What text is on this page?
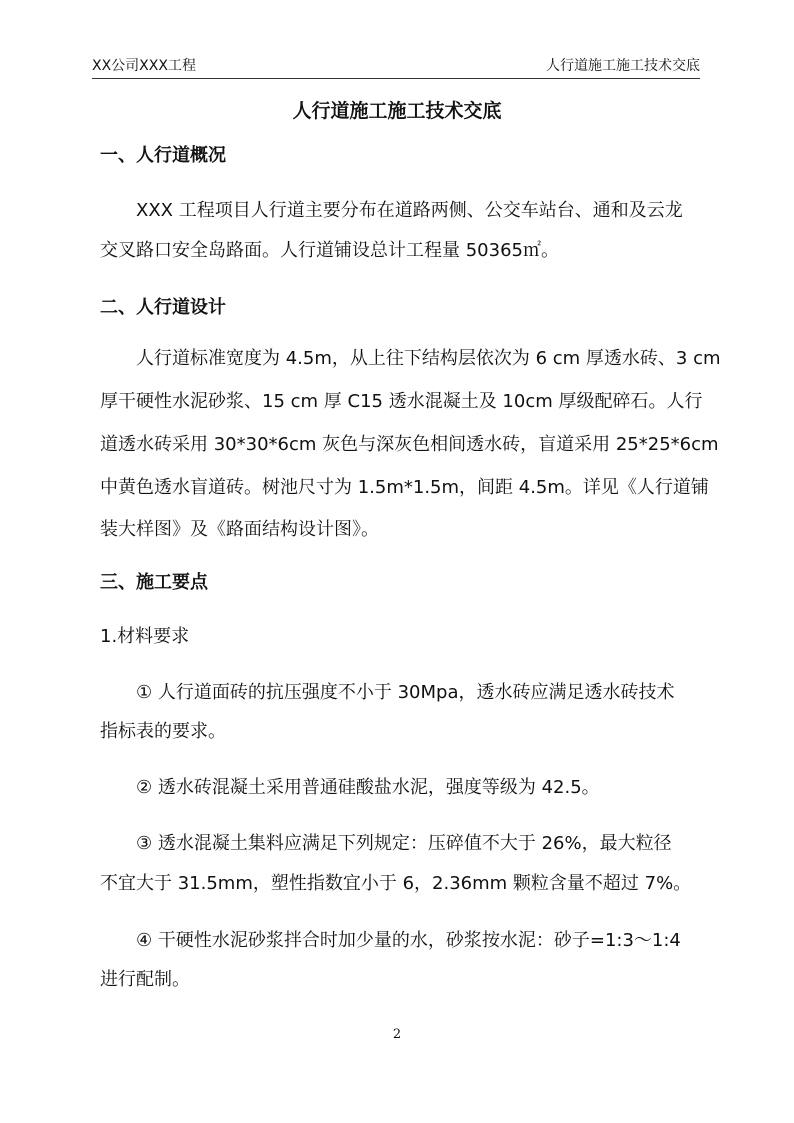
XX公司XXX工程	人行道施工施工技术交底
人行道施工施工技术交底
一、人行道概况
XXX 工程项目人行道主要分布在道路两侧、公交车站台、通和及云龙
交叉路口安全岛路面。人行道铺设总计工程量 50365㎡。
二、人行道设计
人行道标准宽度为 4.5m，从上往下结构层依次为 6 cm 厚透水砖、3 cm
厚干硬性水泥砂浆、15 cm 厚 C15 透水混凝土及 10cm 厚级配碎石。人行
道透水砖采用 30*30*6cm 灰色与深灰色相间透水砖，盲道采用 25*25*6cm
中黄色透水盲道砖。树池尺寸为 1.5m*1.5m，间距 4.5m。详见《人行道铺
装大样图》及《路面结构设计图》。
三、施工要点
1.材料要求
① 人行道面砖的抗压强度不小于 30Mpa，透水砖应满足透水砖技术
指标表的要求。
② 透水砖混凝土采用普通硅酸盐水泥，强度等级为 42.5。
③ 透水混凝土集料应满足下列规定：压碎值不大于 26%，最大粒径
不宜大于 31.5mm，塑性指数宜小于 6，2.36mm 颗粒含量不超过 7%。
④ 干硬性水泥砂浆拌合时加少量的水，砂浆按水泥：砂子=1:3～1:4
进行配制。
2
